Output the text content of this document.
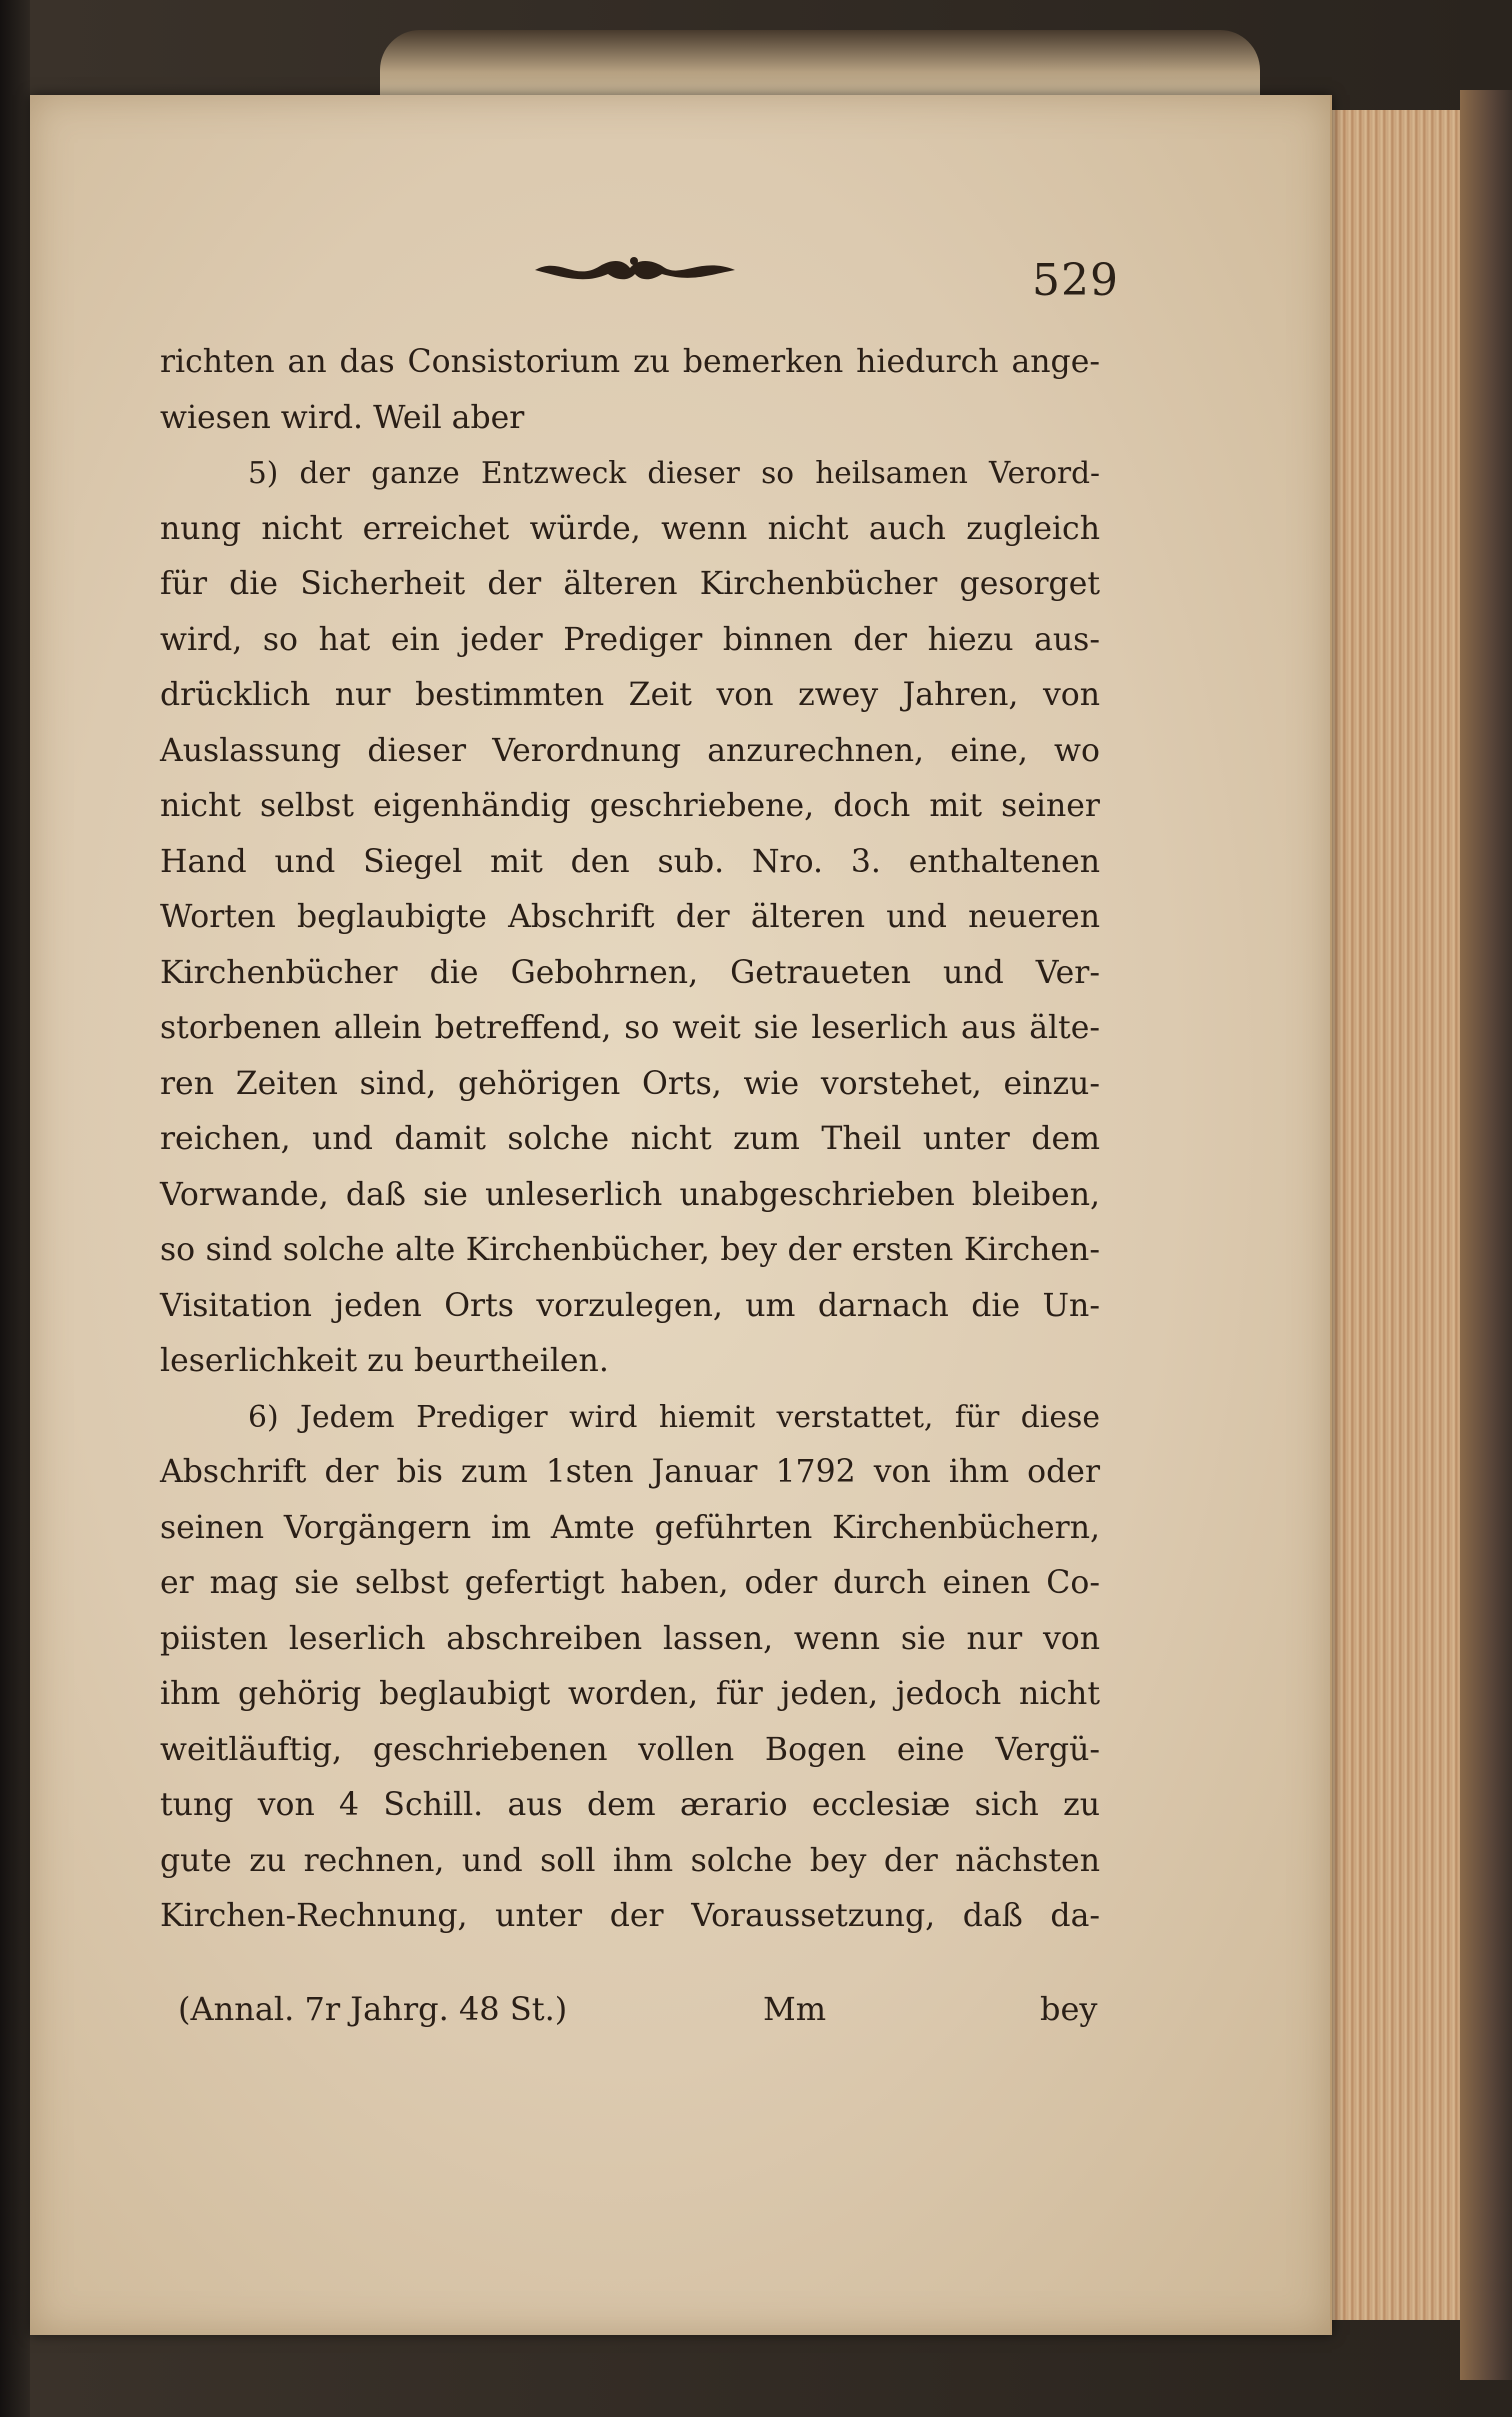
529
richten an das Consistorium zu bemerken hiedurch ange-
wiesen wird. Weil aber
5) der ganze Entzweck dieser so heilsamen Verord-
nung nicht erreichet würde, wenn nicht auch zugleich
für die Sicherheit der älteren Kirchenbücher gesorget
wird, so hat ein jeder Prediger binnen der hiezu aus-
drücklich nur bestimmten Zeit von zwey Jahren, von
Auslassung dieser Verordnung anzurechnen, eine, wo
nicht selbst eigenhändig geschriebene, doch mit seiner
Hand und Siegel mit den sub. Nro. 3. enthaltenen
Worten beglaubigte Abschrift der älteren und neueren
Kirchenbücher die Gebohrnen, Getraueten und Ver-
storbenen allein betreffend, so weit sie leserlich aus älte-
ren Zeiten sind, gehörigen Orts, wie vorstehet, einzu-
reichen, und damit solche nicht zum Theil unter dem
Vorwande, daß sie unleserlich unabgeschrieben bleiben,
so sind solche alte Kirchenbücher, bey der ersten Kirchen-
Visitation jeden Orts vorzulegen, um darnach die Un-
leserlichkeit zu beurtheilen.
6) Jedem Prediger wird hiemit verstattet, für diese
Abschrift der bis zum 1sten Januar 1792 von ihm oder
seinen Vorgängern im Amte geführten Kirchenbüchern,
er mag sie selbst gefertigt haben, oder durch einen Co-
piisten leserlich abschreiben lassen, wenn sie nur von
ihm gehörig beglaubigt worden, für jeden, jedoch nicht
weitläuftig, geschriebenen vollen Bogen eine Vergü-
tung von 4 Schill. aus dem ærario ecclesiæ sich zu
gute zu rechnen, und soll ihm solche bey der nächsten
Kirchen-Rechnung, unter der Voraussetzung, daß da-
(Annal. 7r Jahrg. 48 St.)	Mm	bey
